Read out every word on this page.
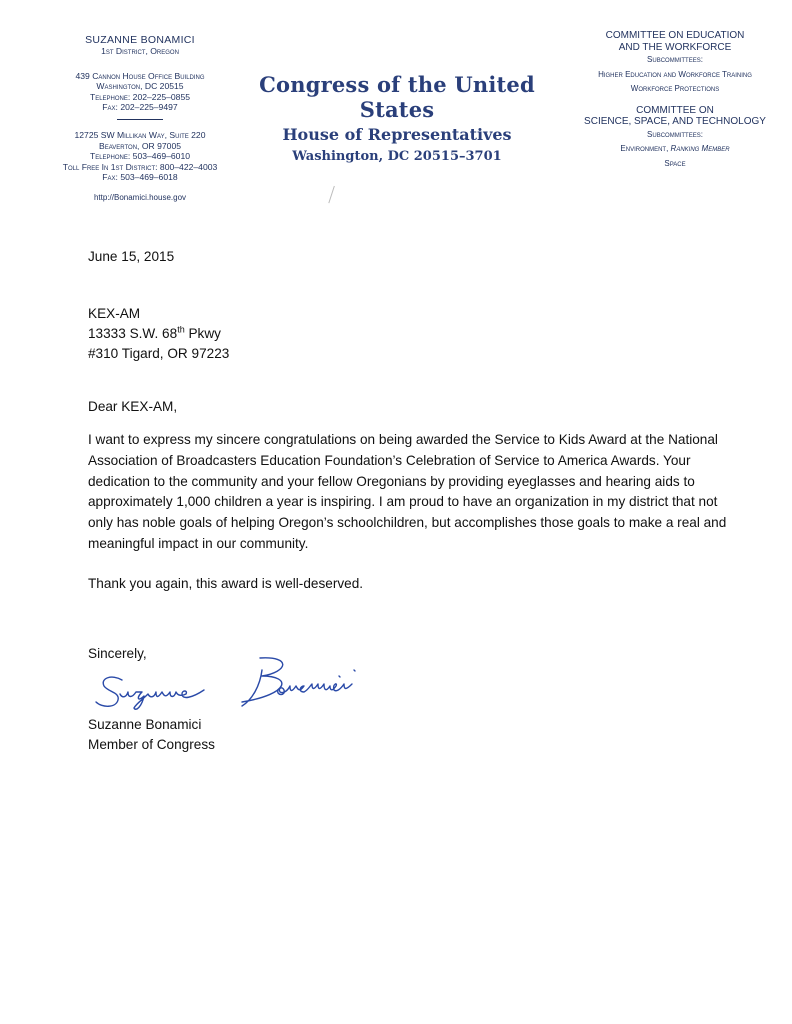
SUZANNE BONAMICI
1st District, Oregon
439 Cannon House Office Building
Washington, DC 20515
Telephone: 202–225–0855
Fax: 202–225–9497
12725 SW Millikan Way, Suite 220
Beaverton, OR 97005
Telephone: 503–469–6010
Toll Free In 1st District: 800–422–4003
Fax: 503–469–6018
http://Bonamici.house.gov
Congress of the United States
House of Representatives
Washington, DC 20515–3701
COMMITTEE ON EDUCATION
AND THE WORKFORCE
Subcommittees:
Higher Education and Workforce Training
Workforce Protections
COMMITTEE ON
SCIENCE, SPACE, AND TECHNOLOGY
Subcommittees:
Environment, Ranking Member
Space
June 15, 2015
KEX-AM
13333 S.W. 68th Pkwy
#310 Tigard, OR 97223
Dear KEX-AM,
I want to express my sincere congratulations on being awarded the Service to Kids Award at the National Association of Broadcasters Education Foundation’s Celebration of Service to America Awards. Your dedication to the community and your fellow Oregonians by providing eyeglasses and hearing aids to approximately 1,000 children a year is inspiring. I am proud to have an organization in my district that not only has noble goals of helping Oregon’s schoolchildren, but accomplishes those goals to make a real and meaningful impact in our community.
Thank you again, this award is well-deserved.
Sincerely,
Suzanne Bonamici
Member of Congress
